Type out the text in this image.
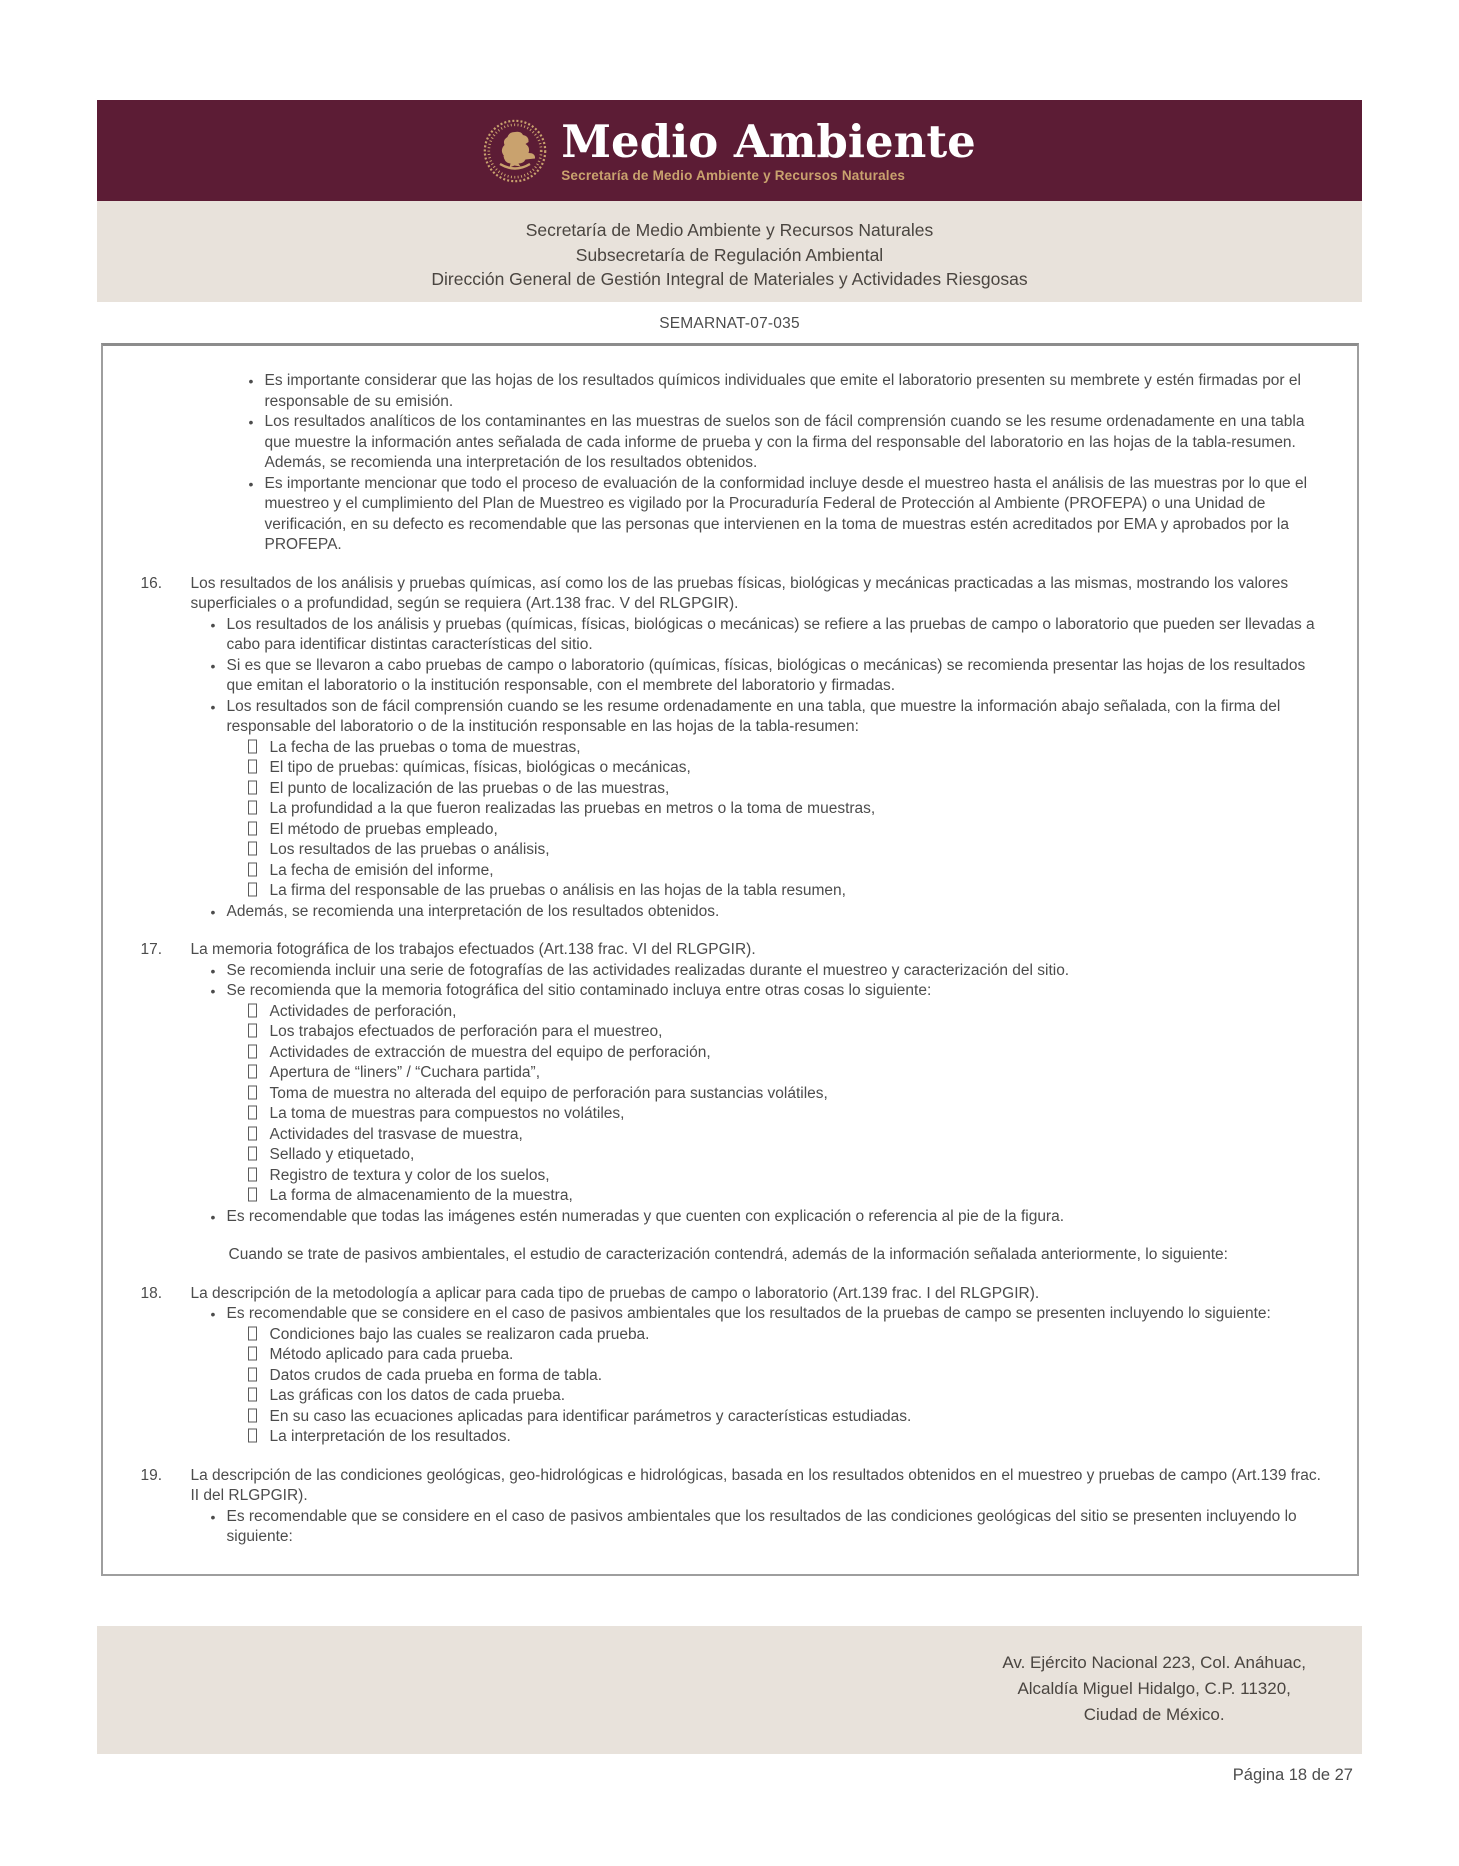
Medio Ambiente
Secretaría de Medio Ambiente y Recursos Naturales
Secretaría de Medio Ambiente y Recursos Naturales
Subsecretaría de Regulación Ambiental
Dirección General de Gestión Integral de Materiales y Actividades Riesgosas
SEMARNAT-07-035
• Es importante considerar que las hojas de los resultados químicos individuales que emite el laboratorio presenten su membrete y estén firmadas por el responsable de su emisión.
• Los resultados analíticos de los contaminantes en las muestras de suelos son de fácil comprensión cuando se les resume ordenadamente en una tabla que muestre la información antes señalada de cada informe de prueba y con la firma del responsable del laboratorio en las hojas de la tabla-resumen. Además, se recomienda una interpretación de los resultados obtenidos.
• Es importante mencionar que todo el proceso de evaluación de la conformidad incluye desde el muestreo hasta el análisis de las muestras por lo que el muestreo y el cumplimiento del Plan de Muestreo es vigilado por la Procuraduría Federal de Protección al Ambiente (PROFEPA) o una Unidad de verificación, en su defecto es recomendable que las personas que intervienen en la toma de muestras estén acreditados por EMA y aprobados por la PROFEPA.
16.	Los resultados de los análisis y pruebas químicas, así como los de las pruebas físicas, biológicas y mecánicas practicadas a las mismas, mostrando los valores superficiales o a profundidad, según se requiera (Art.138 frac. V del RLGPGIR).
• Los resultados de los análisis y pruebas (químicas, físicas, biológicas o mecánicas) se refiere a las pruebas de campo o laboratorio que pueden ser llevadas a cabo para identificar distintas características del sitio.
• Si es que se llevaron a cabo pruebas de campo o laboratorio (químicas, físicas, biológicas o mecánicas) se recomienda presentar las hojas de los resultados que emitan el laboratorio o la institución responsable, con el membrete del laboratorio y firmadas.
• Los resultados son de fácil comprensión cuando se les resume ordenadamente en una tabla, que muestre la información abajo señalada, con la firma del responsable del laboratorio o de la institución responsable en las hojas de la tabla-resumen:
La fecha de las pruebas o toma de muestras,
El tipo de pruebas: químicas, físicas, biológicas o mecánicas,
El punto de localización de las pruebas o de las muestras,
La profundidad a la que fueron realizadas las pruebas en metros o la toma de muestras,
El método de pruebas empleado,
Los resultados de las pruebas o análisis,
La fecha de emisión del informe,
La firma del responsable de las pruebas o análisis en las hojas de la tabla resumen,
• Además, se recomienda una interpretación de los resultados obtenidos.
17.	La memoria fotográfica de los trabajos efectuados (Art.138 frac. VI del RLGPGIR).
• Se recomienda incluir una serie de fotografías de las actividades realizadas durante el muestreo y caracterización del sitio.
• Se recomienda que la memoria fotográfica del sitio contaminado incluya entre otras cosas lo siguiente:
Actividades de perforación,
Los trabajos efectuados de perforación para el muestreo,
Actividades de extracción de muestra del equipo de perforación,
Apertura de “liners” / “Cuchara partida”,
Toma de muestra no alterada del equipo de perforación para sustancias volátiles,
La toma de muestras para compuestos no volátiles,
Actividades del trasvase de muestra,
Sellado y etiquetado,
Registro de textura y color de los suelos,
La forma de almacenamiento de la muestra,
• Es recomendable que todas las imágenes estén numeradas y que cuenten con explicación o referencia al pie de la figura.
Cuando se trate de pasivos ambientales, el estudio de caracterización contendrá, además de la información señalada anteriormente, lo siguiente:
18.	La descripción de la metodología a aplicar para cada tipo de pruebas de campo o laboratorio (Art.139 frac. I del RLGPGIR).
• Es recomendable que se considere en el caso de pasivos ambientales que los resultados de la pruebas de campo se presenten incluyendo lo siguiente:
Condiciones bajo las cuales se realizaron cada prueba.
Método aplicado para cada prueba.
Datos crudos de cada prueba en forma de tabla.
Las gráficas con los datos de cada prueba.
En su caso las ecuaciones aplicadas para identificar parámetros y características estudiadas.
La interpretación de los resultados.
19.	La descripción de las condiciones geológicas, geo-hidrológicas e hidrológicas, basada en los resultados obtenidos en el muestreo y pruebas de campo (Art.139 frac. II del RLGPGIR).
• Es recomendable que se considere en el caso de pasivos ambientales que los resultados de las condiciones geológicas del sitio se presenten incluyendo lo siguiente:
Av. Ejército Nacional 223, Col. Anáhuac,
Alcaldía Miguel Hidalgo, C.P. 11320,
Ciudad de México.
Página 18 de 27
